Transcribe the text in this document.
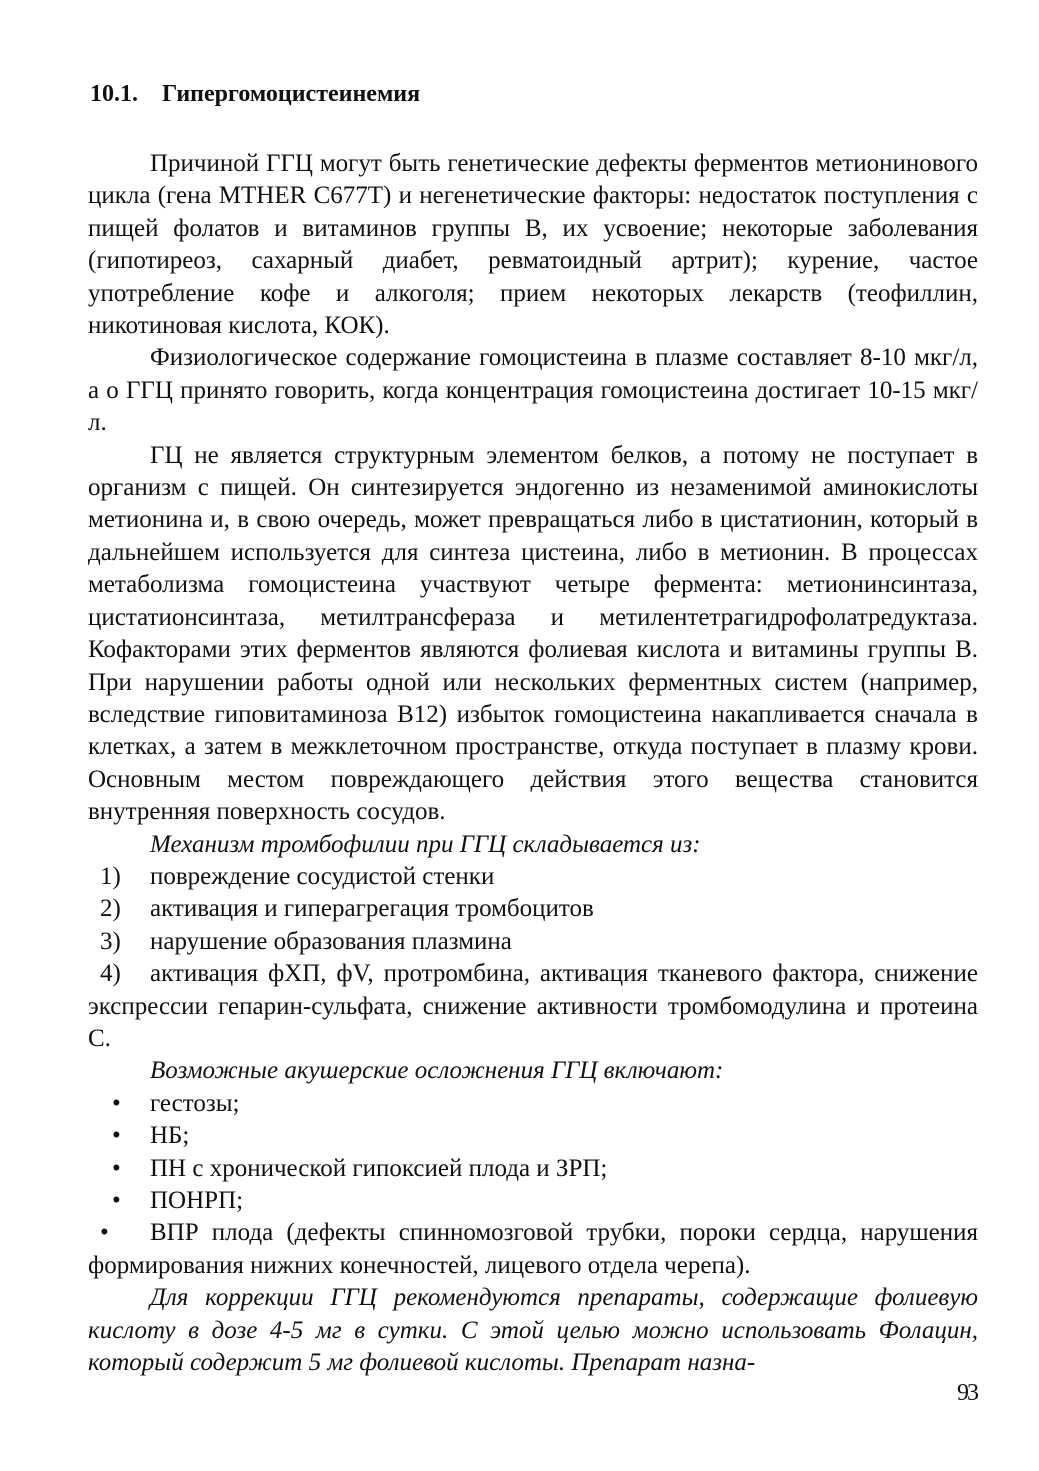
10.1. Гипергомоцистеинемия

Причиной ГГЦ могут быть генетические дефекты ферментов метионинового цикла (гена MTHER C677T) и негенетические факторы: недостаток поступления с пищей фолатов и витаминов группы В, их усвоение; некоторые заболевания (гипотиреоз, сахарный диабет, ревматоидный артрит); курение, частое употребление кофе и алкоголя; прием некоторых лекарств (теофиллин, никотиновая кислота, КОК).

Физиологическое содержание гомоцистеина в плазме составляет 8-10 мкг/л, а о ГГЦ принято говорить, когда концентрация гомоцистеина достигает 10-15 мкг/л.

ГЦ не является структурным элементом белков, а потому не поступает в организм с пищей. Он синтезируется эндогенно из незаменимой аминокислоты метионина и, в свою очередь, может превращаться либо в цистатионин, который в дальнейшем используется для синтеза цистеина, либо в метионин. В процессах метаболизма гомоцистеина участвуют четыре фермента: метионинсинтаза, цистатионсинтаза, метилтрансфераза и метилентетрагидрофолатредуктаза. Кофакторами этих ферментов являются фолиевая кислота и витамины группы В. При нарушении работы одной или нескольких ферментных систем (например, вследствие гиповитаминоза В12) избыток гомоцистеина накапливается сначала в клетках, а затем в межклеточном пространстве, откуда поступает в плазму крови. Основным местом повреждающего действия этого вещества становится внутренняя поверхность сосудов.

Механизм тромбофилии при ГГЦ складывается из:

1) повреждение сосудистой стенки
2) активация и гиперагрегация тромбоцитов
3) нарушение образования плазмина
4) активация фХП, фV, протромбина, активация тканевого фактора, снижение экспрессии гепарин-сульфата, снижение активности тромбомодулина и протеина С.

Возможные акушерские осложнения ГГЦ включают:

• гестозы;
• НБ;
• ПН с хронической гипоксией плода и ЗРП;
• ПОНРП;
• ВПР плода (дефекты спинномозговой трубки, пороки сердца, нарушения формирования нижних конечностей, лицевого отдела черепа).

Для коррекции ГГЦ рекомендуются препараты, содержащие фолиевую кислоту в дозе 4-5 мг в сутки. С этой целью можно использовать Фолацин, который содержит 5 мг фолиевой кислоты. Препарат назна-

93
